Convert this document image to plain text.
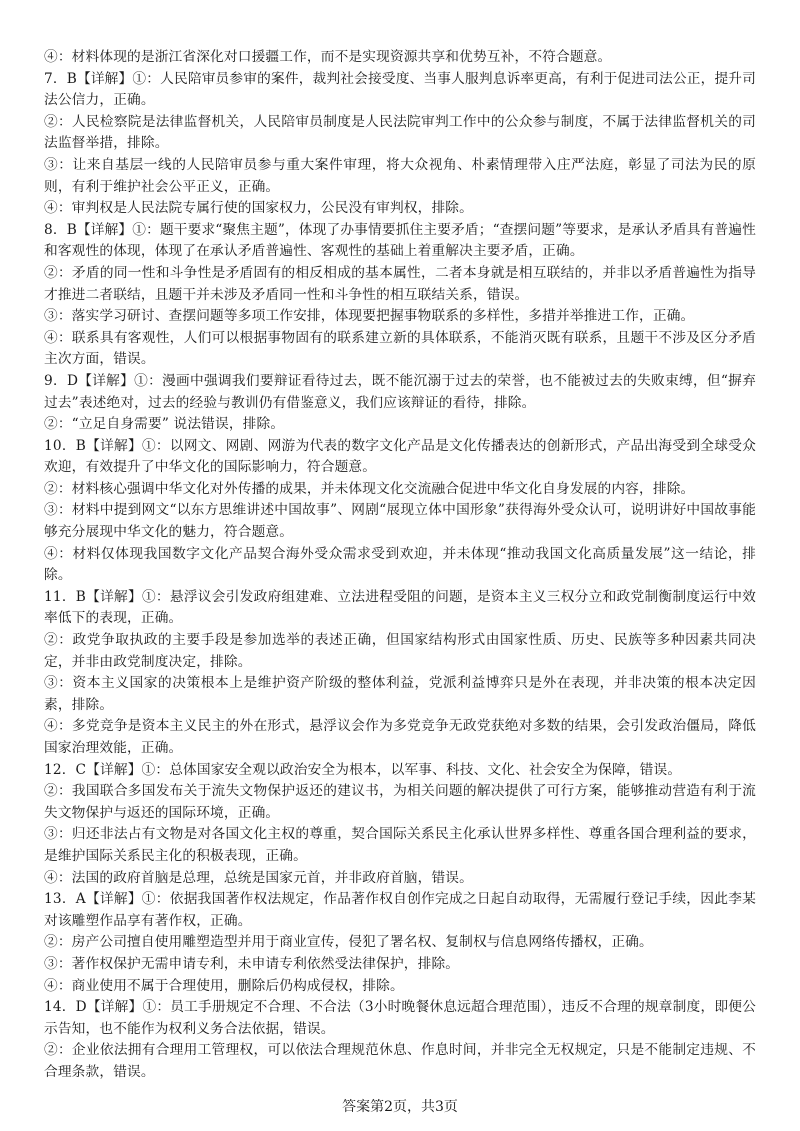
④：材料体现的是浙江省深化对口援疆工作，而不是实现资源共享和优势互补，不符合题意。

7．B【详解】①：人民陪审员参审的案件，裁判社会接受度、当事人服判息诉率更高，有利于促进司法公正，提升司法公信力，正确。

②：人民检察院是法律监督机关，人民陪审员制度是人民法院审判工作中的公众参与制度，不属于法律监督机关的司法监督举措，排除。

③：让来自基层一线的人民陪审员参与重大案件审理，将大众视角、朴素情理带入庄严法庭，彰显了司法为民的原则，有利于维护社会公平正义，正确。

④：审判权是人民法院专属行使的国家权力，公民没有审判权，排除。

8．B【详解】①：题干要求“聚焦主题”，体现了办事情要抓住主要矛盾；“查摆问题”等要求，是承认矛盾具有普遍性和客观性的体现，体现了在承认矛盾普遍性、客观性的基础上着重解决主要矛盾，正确。

②：矛盾的同一性和斗争性是矛盾固有的相反相成的基本属性，二者本身就是相互联结的，并非以矛盾普遍性为指导才推进二者联结，且题干并未涉及矛盾同一性和斗争性的相互联结关系，错误。

③：落实学习研讨、查摆问题等多项工作安排，体现要把握事物联系的多样性，多措并举推进工作，正确。

④：联系具有客观性，人们可以根据事物固有的联系建立新的具体联系，不能消灭既有联系，且题干不涉及区分矛盾主次方面，错误。

9．D【详解】①：漫画中强调我们要辩证看待过去，既不能沉溺于过去的荣誉，也不能被过去的失败束缚，但“摒弃过去”表述绝对，过去的经验与教训仍有借鉴意义，我们应该辩证的看待，排除。

②：“立足自身需要” 说法错误，排除。

10．B【详解】①：以网文、网剧、网游为代表的数字文化产品是文化传播表达的创新形式，产品出海受到全球受众欢迎，有效提升了中华文化的国际影响力，符合题意。

②：材料核心强调中华文化对外传播的成果，并未体现文化交流融合促进中华文化自身发展的内容，排除。

③：材料中提到网文“以东方思维讲述中国故事”、网剧“展现立体中国形象”获得海外受众认可，说明讲好中国故事能够充分展现中华文化的魅力，符合题意。

④：材料仅体现我国数字文化产品契合海外受众需求受到欢迎，并未体现“推动我国文化高质量发展”这一结论，排除。

11．B【详解】①：悬浮议会引发政府组建难、立法进程受阻的问题，是资本主义三权分立和政党制衡制度运行中效率低下的表现，正确。

②：政党争取执政的主要手段是参加选举的表述正确，但国家结构形式由国家性质、历史、民族等多种因素共同决定，并非由政党制度决定，排除。

③：资本主义国家的决策根本上是维护资产阶级的整体利益，党派利益博弈只是外在表现，并非决策的根本决定因素，排除。

④：多党竞争是资本主义民主的外在形式，悬浮议会作为多党竞争无政党获绝对多数的结果，会引发政治僵局，降低国家治理效能，正确。

12．C【详解】①：总体国家安全观以政治安全为根本，以军事、科技、文化、社会安全为保障，错误。

②：我国联合多国发布关于流失文物保护返还的建议书，为相关问题的解决提供了可行方案，能够推动营造有利于流失文物保护与返还的国际环境，正确。

③：归还非法占有文物是对各国文化主权的尊重，契合国际关系民主化承认世界多样性、尊重各国合理利益的要求，是维护国际关系民主化的积极表现，正确。

④：法国的政府首脑是总理，总统是国家元首，并非政府首脑，错误。

13．A【详解】①：依据我国著作权法规定，作品著作权自创作完成之日起自动取得，无需履行登记手续，因此李某对该雕塑作品享有著作权，正确。

②：房产公司擅自使用雕塑造型并用于商业宣传，侵犯了署名权、复制权与信息网络传播权，正确。

③：著作权保护无需申请专利，未申请专利依然受法律保护，排除。

④：商业使用不属于合理使用，删除后仍构成侵权，排除。

14．D【详解】①：员工手册规定不合理、不合法（3小时晚餐休息远超合理范围），违反不合理的规章制度，即便公示告知，也不能作为权利义务合法依据，错误。

②：企业依法拥有合理用工管理权，可以依法合理规范休息、作息时间，并非完全无权规定，只是不能制定违规、不合理条款，错误。

答案第2页，共3页
